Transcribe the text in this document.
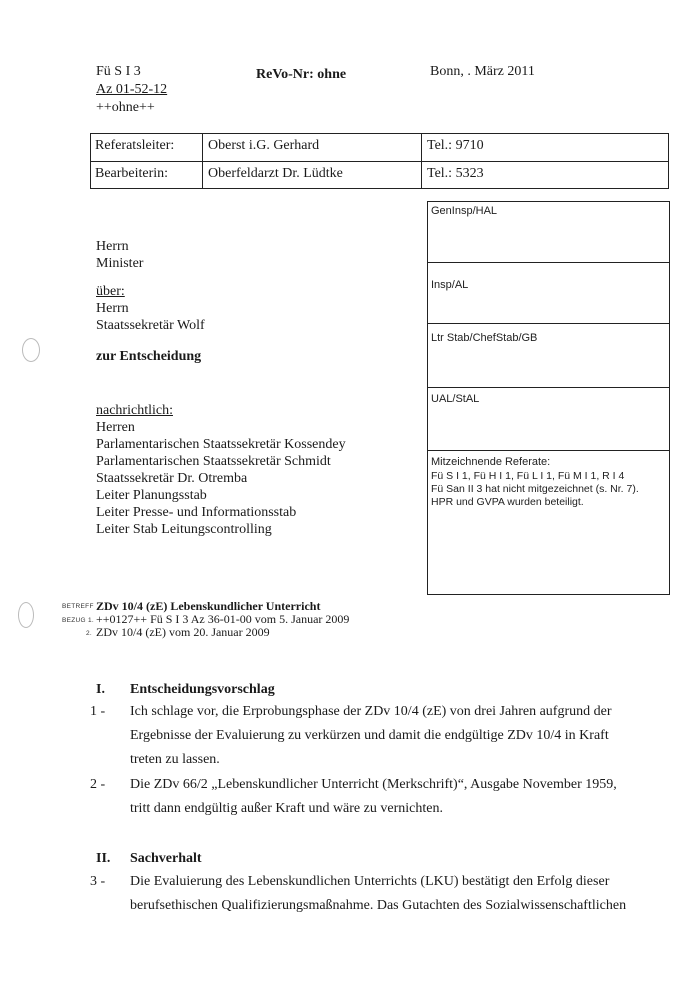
Fü S I 3
Az 01-52-12
++ohne++
ReVo-Nr: ohne	Bonn, . März 2011
Referatsleiter: Oberst i.G. Gerhard	Tel.: 9710
Bearbeiterin:	Oberfeldarzt Dr. Lüdtke	Tel.: 5323
GenInsp/HAL
Insp/AL
Ltr Stab/ChefStab/GB
UAL/StAL
Mitzeichnende Referate:
Fü S I 1, Fü H I 1, Fü L I 1, Fü M I 1, R I 4
Fü San II 3 hat nicht mitgezeichnet (s. Nr. 7).
HPR und GVPA wurden beteiligt.
Herrn
Minister
über:
Herrn
Staatssekretär Wolf
zur Entscheidung
nachrichtlich:
Herren
Parlamentarischen Staatssekretär Kossendey
Parlamentarischen Staatssekretär Schmidt
Staatssekretär Dr. Otremba
Leiter Planungsstab
Leiter Presse- und Informationsstab
Leiter Stab Leitungscontrolling
BETREFF ZDv 10/4 (zE) Lebenskundlicher Unterricht
BEZUG 1. ++0127++ Fü S I 3 Az 36-01-00 vom 5. Januar 2009
2. ZDv 10/4 (zE) vom 20. Januar 2009
I. Entscheidungsvorschlag
1 - Ich schlage vor, die Erprobungsphase der ZDv 10/4 (zE) von drei Jahren aufgrund der
Ergebnisse der Evaluierung zu verkürzen und damit die endgültige ZDv 10/4 in Kraft
treten zu lassen.
2 - Die ZDv 66/2 „Lebenskundlicher Unterricht (Merkschrift)“, Ausgabe November 1959,
tritt dann endgültig außer Kraft und wäre zu vernichten.
II. Sachverhalt
3 - Die Evaluierung des Lebenskundlichen Unterrichts (LKU) bestätigt den Erfolg dieser
berufsethischen Qualifizierungsmaßnahme. Das Gutachten des Sozialwissenschaftlichen
